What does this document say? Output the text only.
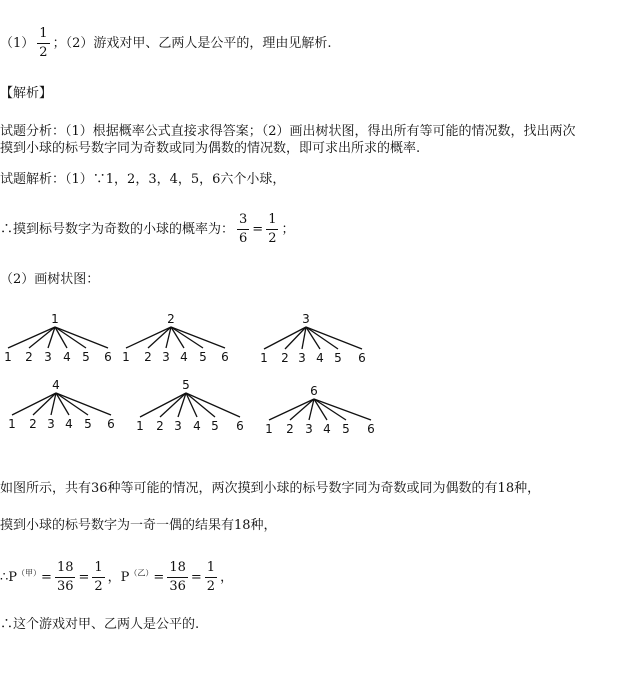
$(1) \frac{1}{2}$ ；（2）游戏对甲、乙两人是公平的，理由见解析.
【解析】
试题分析：（1）根据概率公式直接求得答案；（2）画出树状图，得出所有等可能的情况数，找出两次
摸到小球的标号数字同为奇数或同为偶数的情况数，即可求出所求的概率.
试题解析：（1）∵1，2，3，4，5，6六个小球，
∴摸到标号数字为奇数的小球的概率为： $\frac{3}{6} = \frac{1}{2}$ ；
（2）画树状图：
1
1 2 3 4 5 6
2
1 2 3 4 5 6
3
1 2 3 4 5 6
4
1 2 3 4 5 6
5
1 2 3 4 5 6
6
1 2 3 4 5 6
如图所示，共有36种等可能的情况，两次摸到小球的标号数字同为奇数或同为偶数的有18种，
摸到小球的标号数字为一奇一偶的结果有18种，
$\therefore P^{(甲)}= \frac{18}{36} = \frac{1}{2}$ ，$P^{(乙)}= \frac{18}{36} = \frac{1}{2}$ ，
∴这个游戏对甲、乙两人是公平的.
